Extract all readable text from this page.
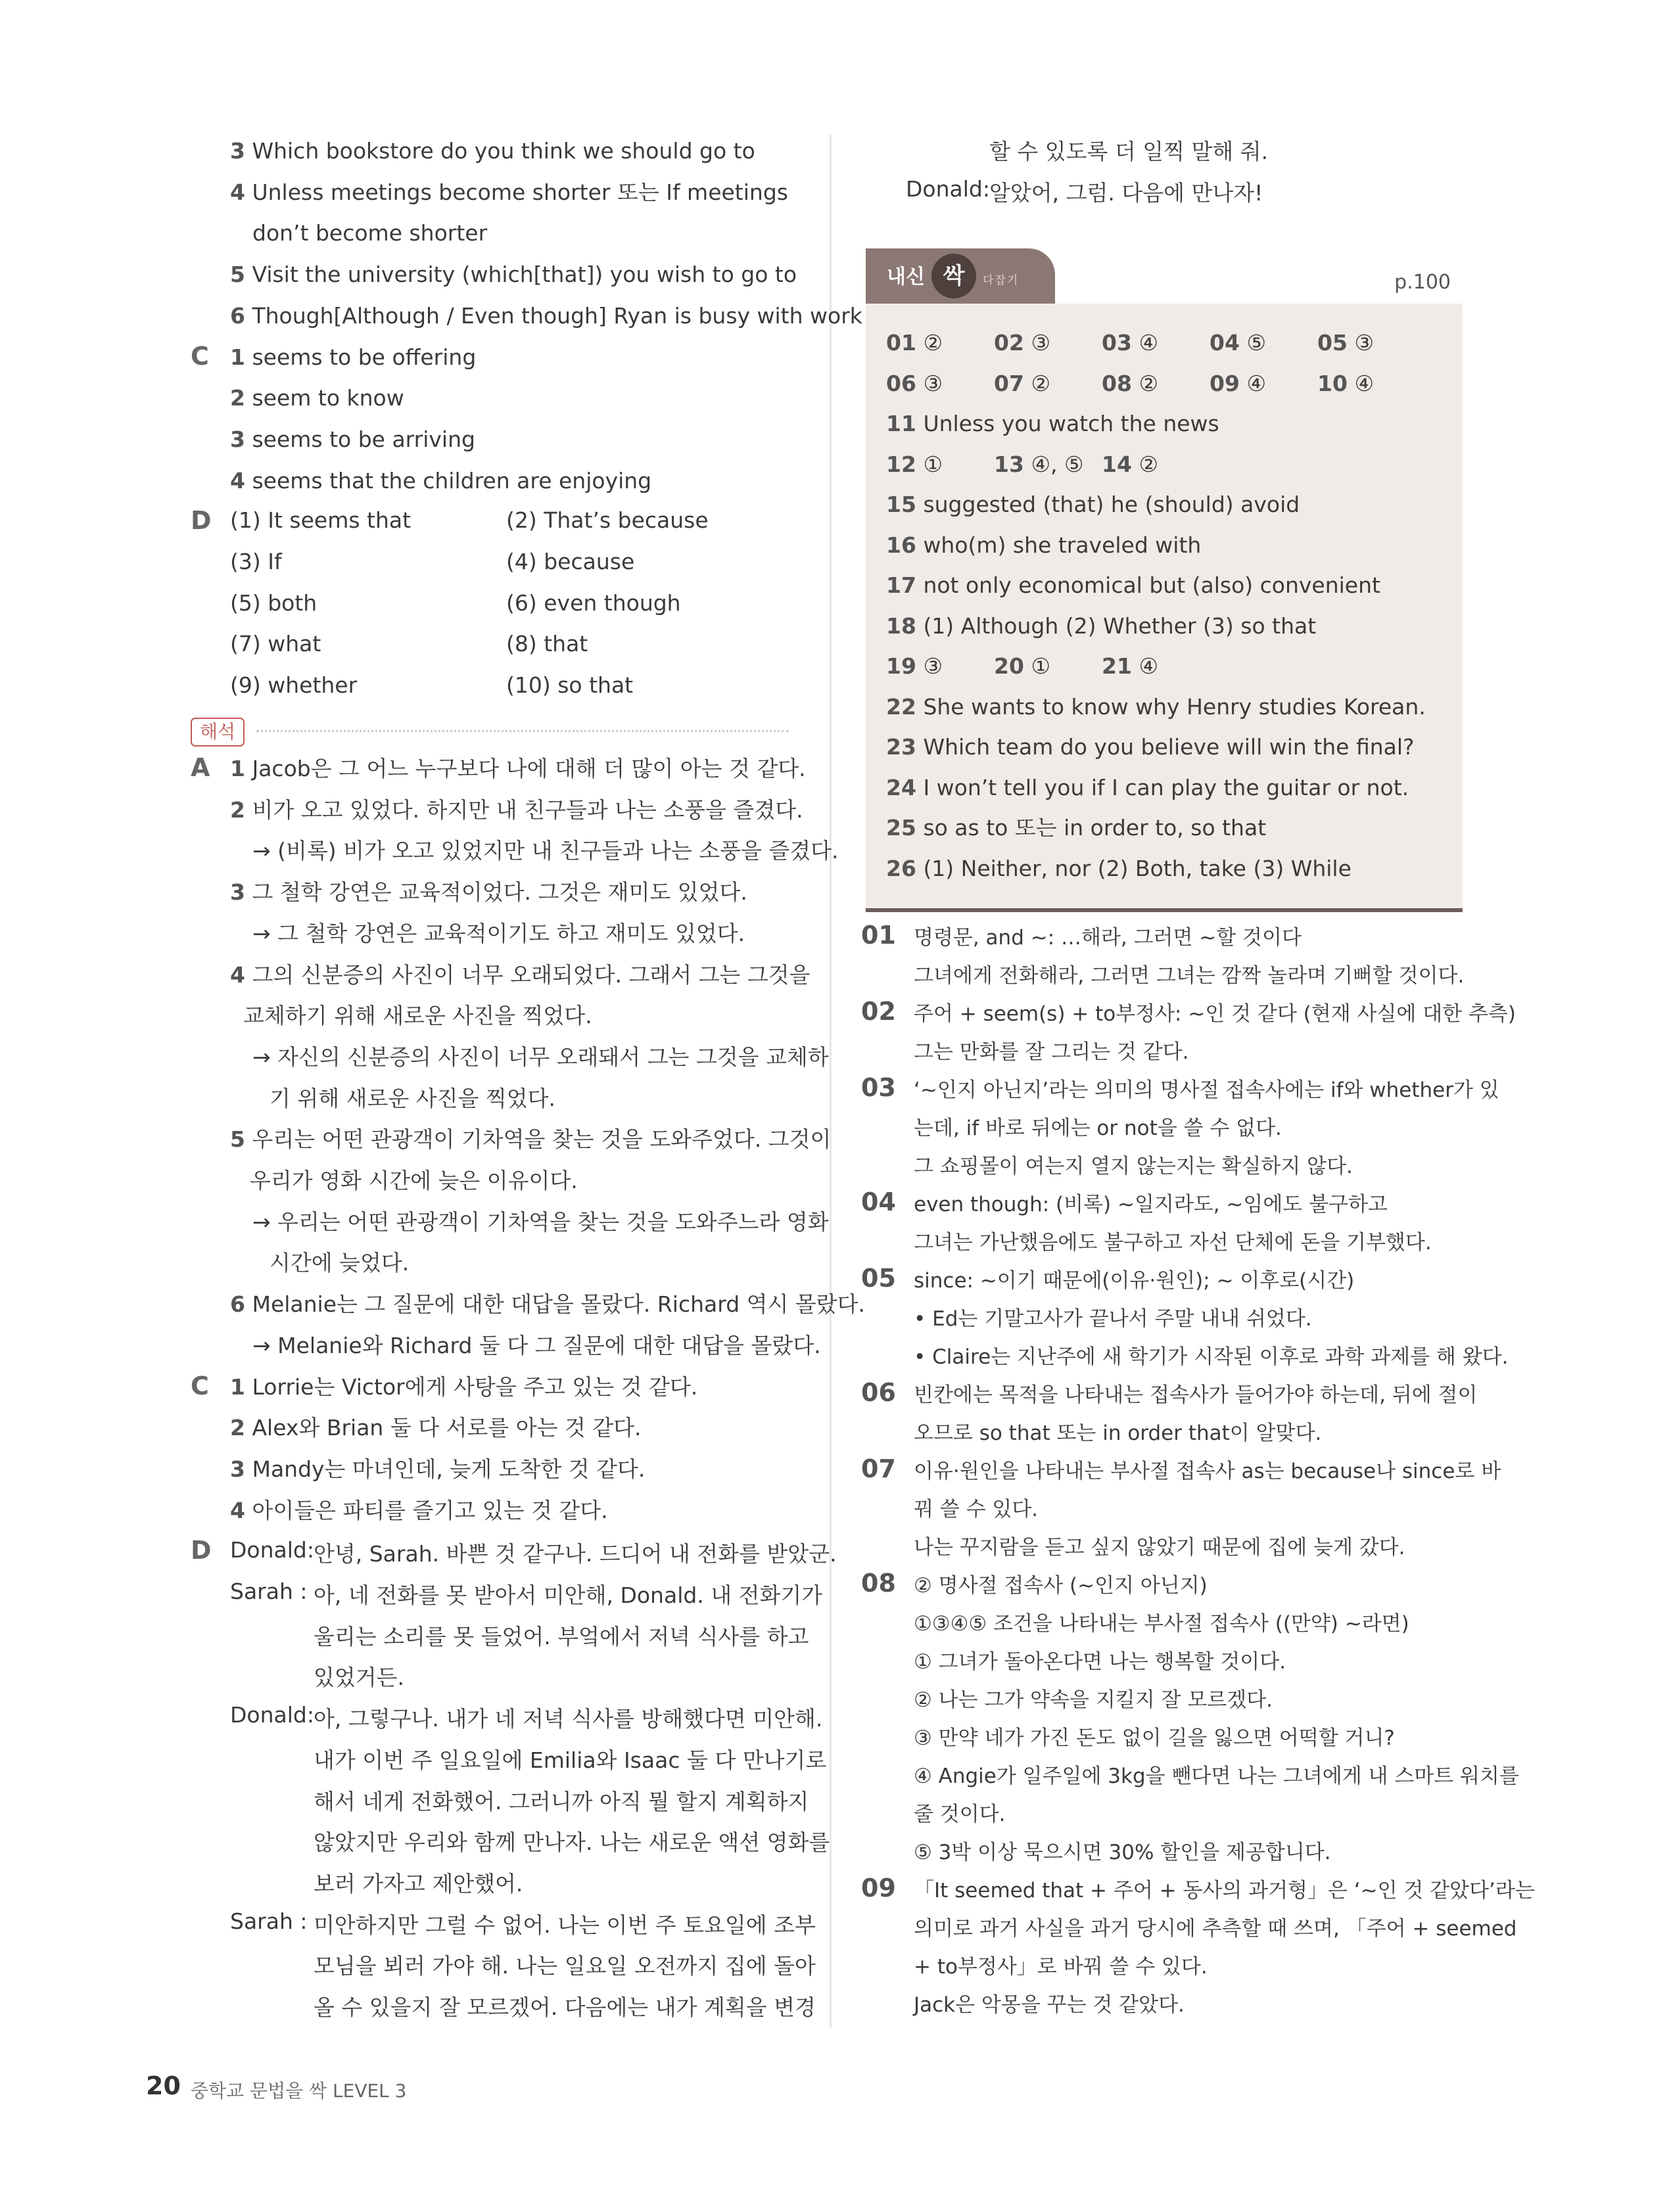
3 Which bookstore do you think we should go to
4 Unless meetings become shorter 또는 If meetings
don’t become shorter
5 Visit the university (which[that]) you wish to go to
6 Though[Although / Even though] Ryan is busy with work
C 1 seems to be offering
2 seem to know
3 seems to be arriving
4 seems that the children are enjoying
D (1) It seems that	(2) That’s because
(3) If	(4) because
(5) both	(6) even though
(7) what	(8) that
(9) whether	(10) so that
해석
A 1 Jacob은 그 어느 누구보다 나에 대해 더 많이 아는 것 같다.
2 비가 오고 있었다. 하지만 내 친구들과 나는 소풍을 즐겼다.
→ (비록) 비가 오고 있었지만 내 친구들과 나는 소풍을 즐겼다.
3 그 철학 강연은 교육적이었다. 그것은 재미도 있었다.
→ 그 철학 강연은 교육적이기도 하고 재미도 있었다.
4 그의 신분증의 사진이 너무 오래되었다. 그래서 그는 그것을
교체하기 위해 새로운 사진을 찍었다.
→ 자신의 신분증의 사진이 너무 오래돼서 그는 그것을 교체하
기 위해 새로운 사진을 찍었다.
5 우리는 어떤 관광객이 기차역을 찾는 것을 도와주었다. 그것이
우리가 영화 시간에 늦은 이유이다.
→ 우리는 어떤 관광객이 기차역을 찾는 것을 도와주느라 영화
시간에 늦었다.
6 Melanie는 그 질문에 대한 대답을 몰랐다. Richard 역시 몰랐다.
→ Melanie와 Richard 둘 다 그 질문에 대한 대답을 몰랐다.
C 1 Lorrie는 Victor에게 사탕을 주고 있는 것 같다.
2 Alex와 Brian 둘 다 서로를 아는 것 같다.
3 Mandy는 마녀인데, 늦게 도착한 것 같다.
4 아이들은 파티를 즐기고 있는 것 같다.
D Donald: 안녕, Sarah. 바쁜 것 같구나. 드디어 내 전화를 받았군.
Sarah : 아, 네 전화를 못 받아서 미안해, Donald. 내 전화기가
울리는 소리를 못 들었어. 부엌에서 저녁 식사를 하고
있었거든.
Donald: 아, 그렇구나. 내가 네 저녁 식사를 방해했다면 미안해.
내가 이번 주 일요일에 Emilia와 Isaac 둘 다 만나기로
해서 네게 전화했어. 그러니까 아직 뭘 할지 계획하지
않았지만 우리와 함께 만나자. 나는 새로운 액션 영화를
보러 가자고 제안했어.
Sarah : 미안하지만 그럴 수 없어. 나는 이번 주 토요일에 조부
모님을 뵈러 가야 해. 나는 일요일 오전까지 집에 돌아
올 수 있을지 잘 모르겠어. 다음에는 내가 계획을 변경
20 중학교 문법을 싹 LEVEL 3
할 수 있도록 더 일찍 말해 줘.
Donald: 알았어, 그럼. 다음에 만나자!
내신 싹	다잡기	p.100
01 ② 02 ③ 03 ④ 04 ⑤ 05 ③
06 ③ 07 ② 08 ② 09 ④ 10 ④
11 Unless you watch the news
12 ① 13 ④, ⑤ 14 ②
15 suggested (that) he (should) avoid
16 who(m) she traveled with
17 not only economical but (also) convenient
18 (1) Although (2) Whether (3) so that
19 ③ 20 ① 21 ④
22 She wants to know why Henry studies Korean.
23 Which team do you believe will win the final?
24 I won’t tell you if I can play the guitar or not.
25 so as to 또는 in order to, so that
26 (1) Neither, nor (2) Both, take (3) While
01 명령문, and ~: …해라, 그러면 ~할 것이다
그녀에게 전화해라, 그러면 그녀는 깜짝 놀라며 기뻐할 것이다.
02 주어 + seem(s) + to부정사: ~인 것 같다 (현재 사실에 대한 추측)
그는 만화를 잘 그리는 것 같다.
03 ‘~인지 아닌지’라는 의미의 명사절 접속사에는 if와 whether가 있
는데, if 바로 뒤에는 or not을 쓸 수 없다.
그 쇼핑몰이 여는지 열지 않는지는 확실하지 않다.
04 even though: (비록) ~일지라도, ~임에도 불구하고
그녀는 가난했음에도 불구하고 자선 단체에 돈을 기부했다.
05 since: ~이기 때문에(이유·원인); ~ 이후로(시간)
• Ed는 기말고사가 끝나서 주말 내내 쉬었다.
• Claire는 지난주에 새 학기가 시작된 이후로 과학 과제를 해 왔다.
06 빈칸에는 목적을 나타내는 접속사가 들어가야 하는데, 뒤에 절이
오므로 so that 또는 in order that이 알맞다.
07 이유·원인을 나타내는 부사절 접속사 as는 because나 since로 바
꿔 쓸 수 있다.
나는 꾸지람을 듣고 싶지 않았기 때문에 집에 늦게 갔다.
08 ② 명사절 접속사 (~인지 아닌지)
①③④⑤ 조건을 나타내는 부사절 접속사 ((만약) ~라면)
① 그녀가 돌아온다면 나는 행복할 것이다.
② 나는 그가 약속을 지킬지 잘 모르겠다.
③ 만약 네가 가진 돈도 없이 길을 잃으면 어떡할 거니?
④ Angie가 일주일에 3kg을 뺀다면 나는 그녀에게 내 스마트 워치를
줄 것이다.
⑤ 3박 이상 묵으시면 30% 할인을 제공합니다.
09 「It seemed that + 주어 + 동사의 과거형」은 ‘~인 것 같았다’라는
의미로 과거 사실을 과거 당시에 추측할 때 쓰며, 「주어 + seemed
+ to부정사」로 바꿔 쓸 수 있다.
Jack은 악몽을 꾸는 것 같았다.
